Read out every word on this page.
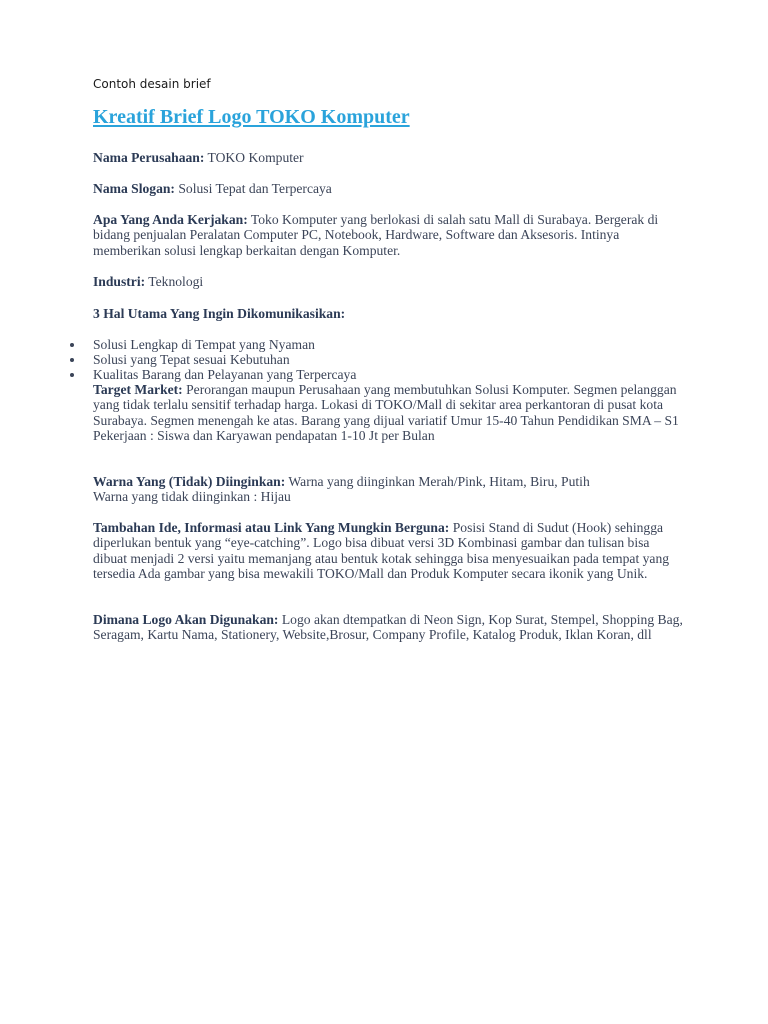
Contoh desain brief
Kreatif Brief Logo TOKO Komputer
Nama Perusahaan: TOKO Komputer
Nama Slogan: Solusi Tepat dan Terpercaya
Apa Yang Anda Kerjakan: Toko Komputer yang berlokasi di salah satu Mall di Surabaya. Bergerak di bidang penjualan Peralatan Computer PC, Notebook, Hardware, Software dan Aksesoris. Intinya memberikan solusi lengkap berkaitan dengan Komputer.
Industri: Teknologi
3 Hal Utama Yang Ingin Dikomunikasikan:
Solusi Lengkap di Tempat yang Nyaman
Solusi yang Tepat sesuai Kebutuhan
Kualitas Barang dan Pelayanan yang Terpercaya
Target Market: Perorangan maupun Perusahaan yang membutuhkan Solusi Komputer. Segmen pelanggan yang tidak terlalu sensitif terhadap harga. Lokasi di TOKO/Mall di sekitar area perkantoran di pusat kota Surabaya. Segmen menengah ke atas. Barang yang dijual variatif Umur 15-40 Tahun Pendidikan SMA – S1 Pekerjaan : Siswa dan Karyawan pendapatan 1-10 Jt per Bulan
Warna Yang (Tidak) Diinginkan: Warna yang diinginkan Merah/Pink, Hitam, Biru, Putih
Warna yang tidak diinginkan : Hijau
Tambahan Ide, Informasi atau Link Yang Mungkin Berguna: Posisi Stand di Sudut (Hook) sehingga diperlukan bentuk yang “eye-catching”. Logo bisa dibuat versi 3D Kombinasi gambar dan tulisan bisa dibuat menjadi 2 versi yaitu memanjang atau bentuk kotak sehingga bisa menyesuaikan pada tempat yang tersedia Ada gambar yang bisa mewakili TOKO/Mall dan Produk Komputer secara ikonik yang Unik.
Dimana Logo Akan Digunakan: Logo akan dtempatkan di Neon Sign, Kop Surat, Stempel, Shopping Bag, Seragam, Kartu Nama, Stationery, Website,Brosur, Company Profile, Katalog Produk, Iklan Koran, dll
